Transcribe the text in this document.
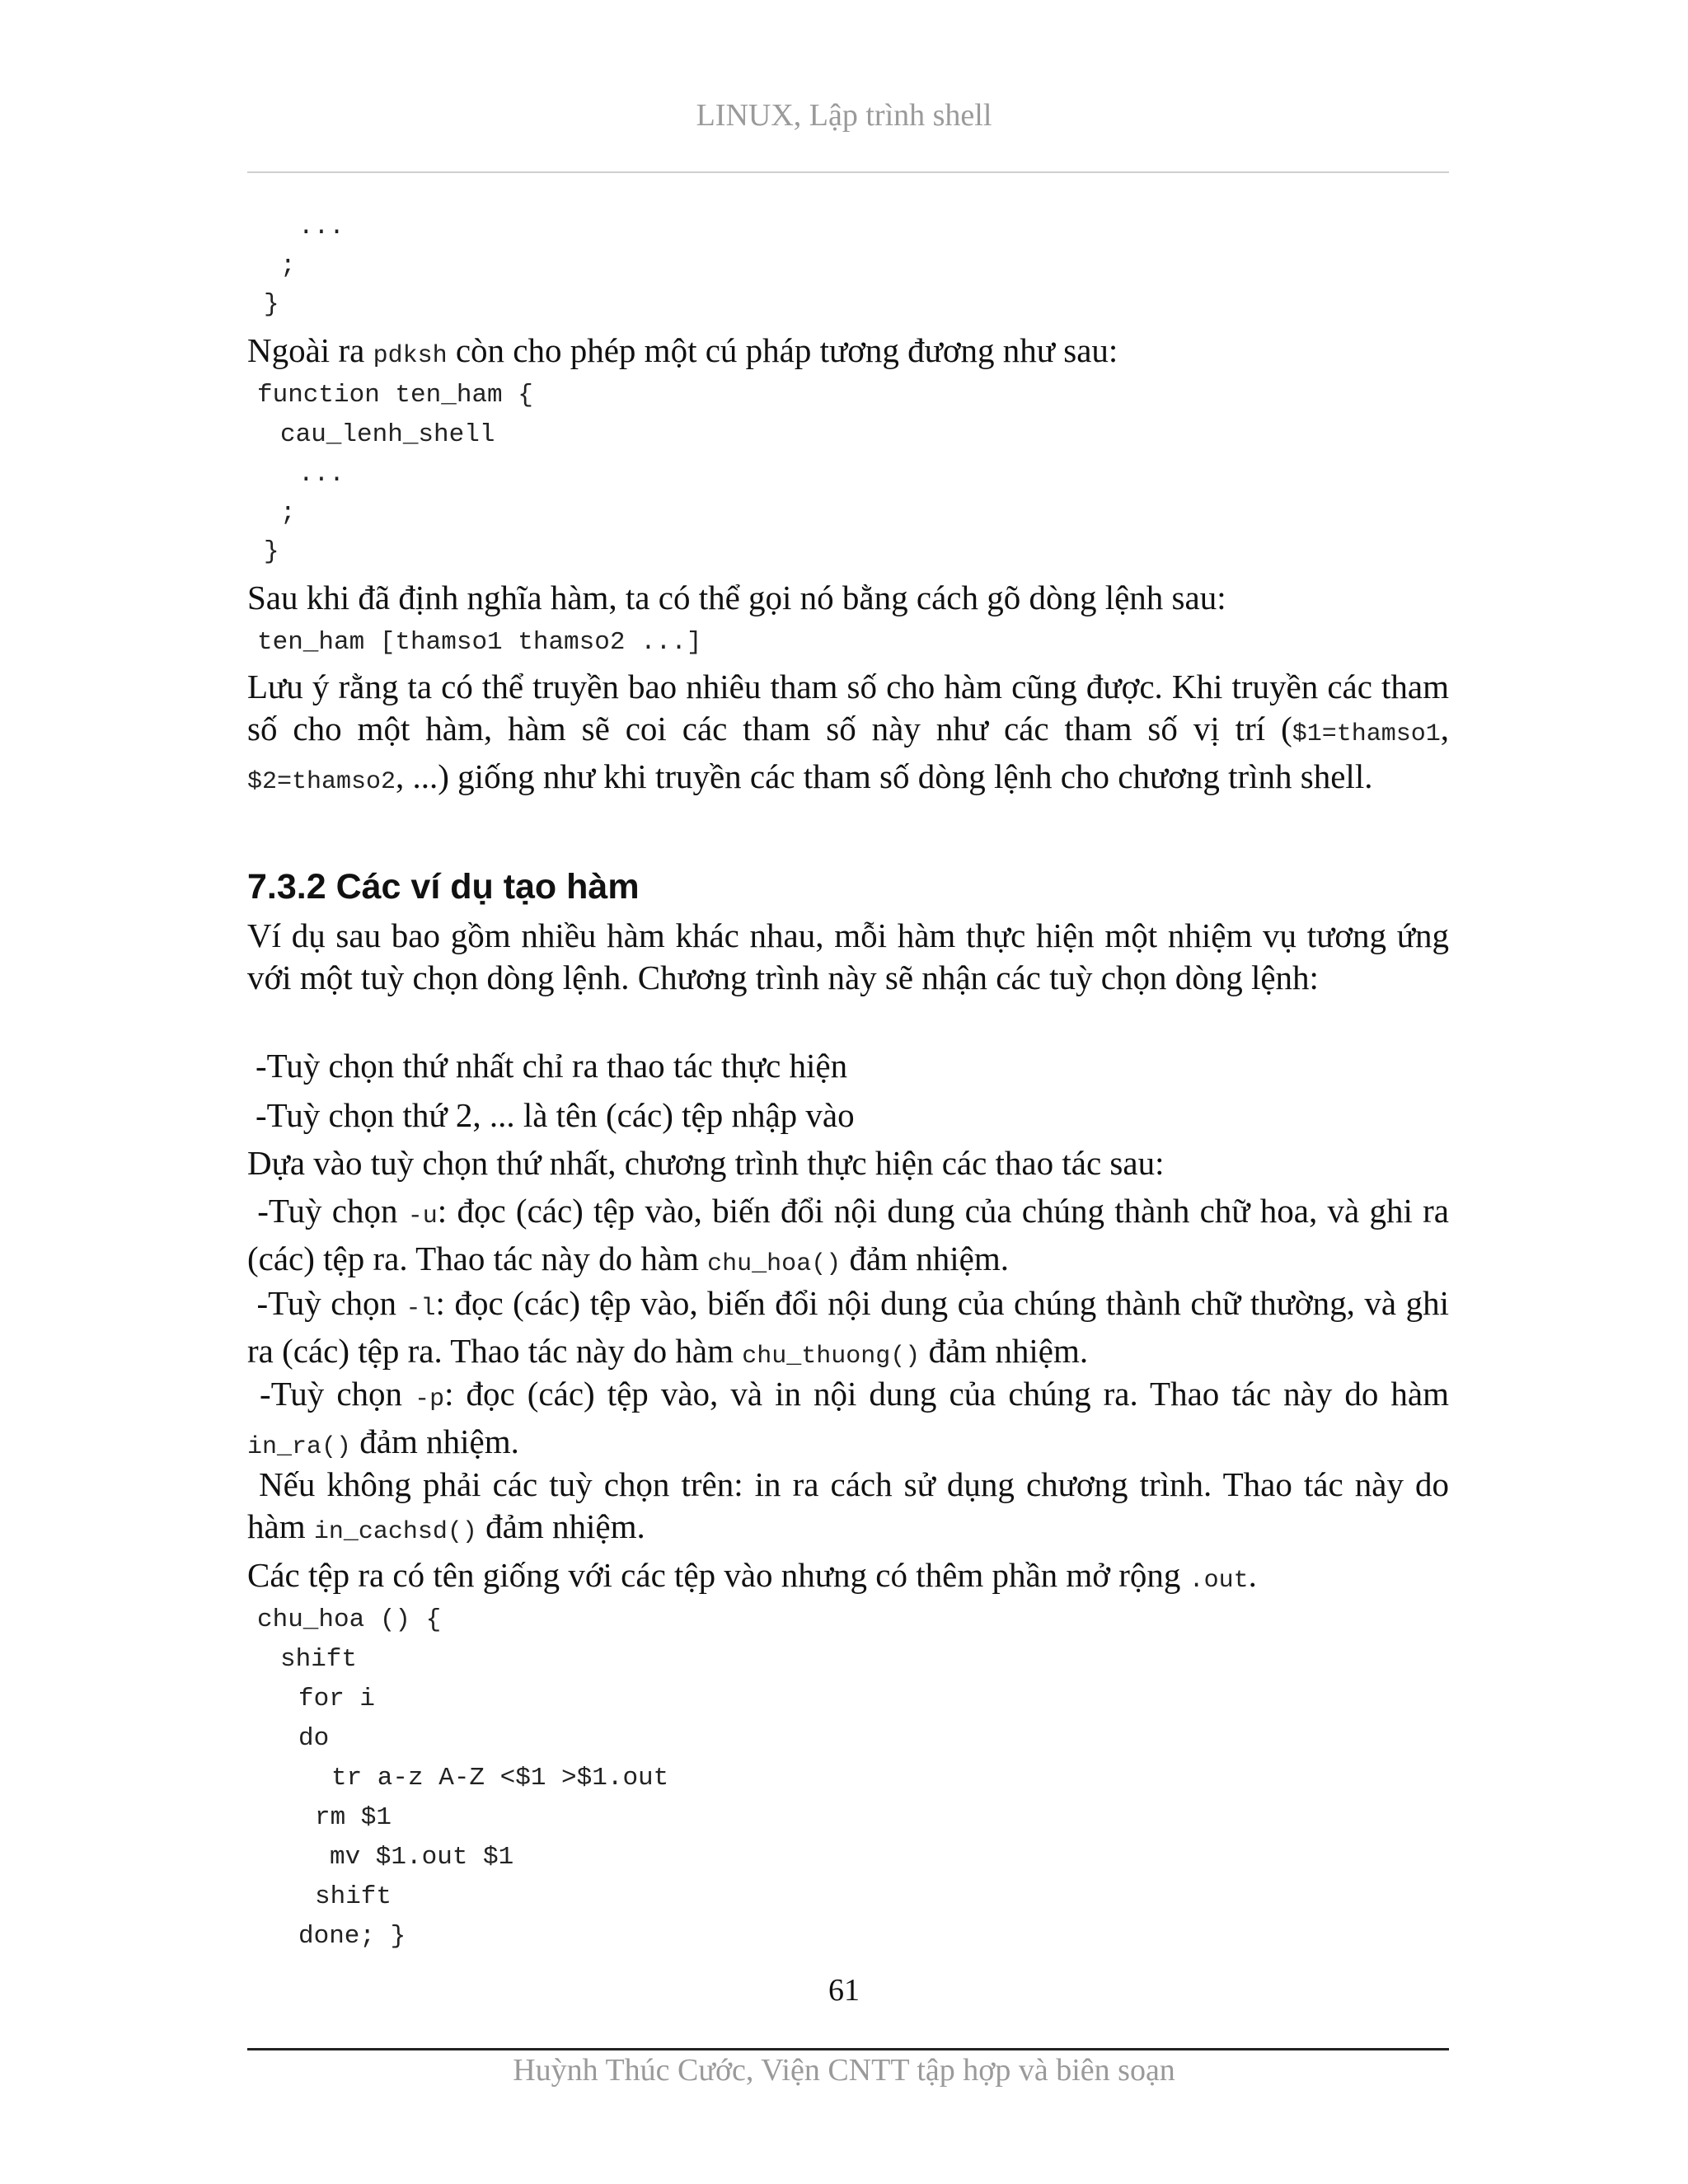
LINUX, Lập trình shell
...
;
}
Ngoài ra pdksh còn cho phép một cú pháp tương đương như sau:
function ten_ham {
cau_lenh_shell
...
;
}
Sau khi đã định nghĩa hàm, ta có thể gọi nó bằng cách gõ dòng lệnh sau:
ten_ham [thamso1 thamso2 ...]
Lưu ý rằng ta có thể truyền bao nhiêu tham số cho hàm cũng được. Khi truyền các tham số cho một hàm, hàm sẽ coi các tham số này như các tham số vị trí ($1=thamso1, $2=thamso2, ...) giống như khi truyền các tham số dòng lệnh cho chương trình shell.
7.3.2 Các ví dụ tạo hàm
Ví dụ sau bao gồm nhiều hàm khác nhau, mỗi hàm thực hiện một nhiệm vụ tương ứng với một tuỳ chọn dòng lệnh. Chương trình này sẽ nhận các tuỳ chọn dòng lệnh:
-Tuỳ chọn thứ nhất chỉ ra thao tác thực hiện
-Tuỳ chọn thứ 2, ... là tên (các) tệp nhập vào
Dựa vào tuỳ chọn thứ nhất, chương trình thực hiện các thao tác sau:
-Tuỳ chọn -u: đọc (các) tệp vào, biến đổi nội dung của chúng thành chữ hoa, và ghi ra (các) tệp ra. Thao tác này do hàm chu_hoa() đảm nhiệm.
-Tuỳ chọn -l: đọc (các) tệp vào, biến đổi nội dung của chúng thành chữ thường, và ghi ra (các) tệp ra. Thao tác này do hàm chu_thuong() đảm nhiệm.
-Tuỳ chọn -p: đọc (các) tệp vào, và in nội dung của chúng ra. Thao tác này do hàm in_ra() đảm nhiệm.
Nếu không phải các tuỳ chọn trên: in ra cách sử dụng chương trình. Thao tác này do hàm in_cachsd() đảm nhiệm.
Các tệp ra có tên giống với các tệp vào nhưng có thêm phần mở rộng .out.
chu_hoa () {
shift
for i
do
tr a-z A-Z <$1 >$1.out
rm $1
mv $1.out $1
shift
done; }
61
Huỳnh Thúc Cước, Viện CNTT tập hợp và biên soạn
